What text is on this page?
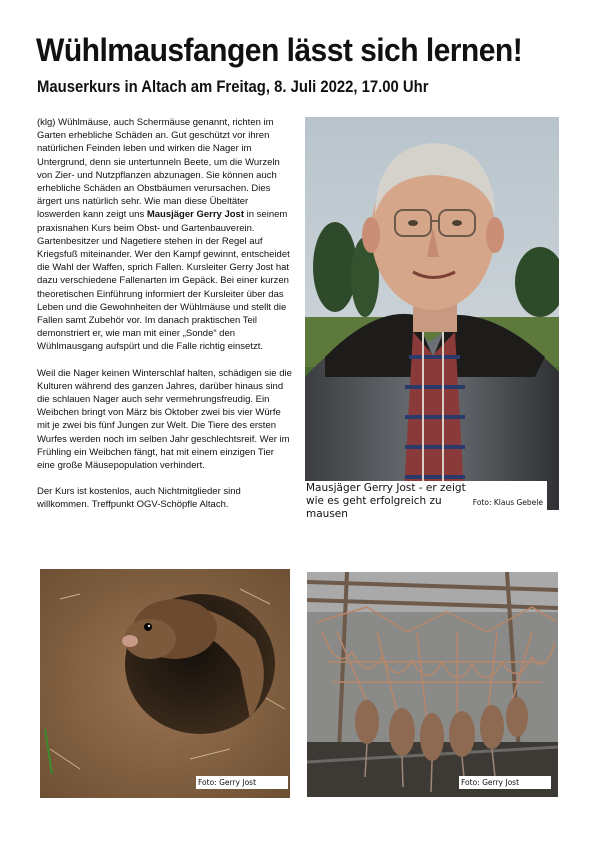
Wühlmausfangen lässt sich lernen!
Mauserkurs in Altach am Freitag, 8. Juli 2022, 17.00 Uhr

(klg) Wühlmäuse, auch Schermäuse genannt, richten im Garten erhebliche Schäden an. Gut geschützt vor ihren natürlichen Feinden leben und wirken die Nager im Untergrund, denn sie untertunneln Beete, um die Wurzeln von Zier- und Nutzpflanzen abzunagen. Sie können auch erhebliche Schäden an Obstbäumen verursachen. Dies ärgert uns natürlich sehr. Wie man diese Übeltäter loswerden kann zeigt uns Mausjäger Gerry Jost in seinem praxisnahen Kurs beim Obst- und Gartenbauverein. Gartenbesitzer und Nagetiere stehen in der Regel auf Kriegsfuß miteinander. Wer den Kampf gewinnt, entscheidet die Wahl der Waffen, sprich Fallen. Kursleiter Gerry Jost hat dazu verschiedene Fallenarten im Gepäck. Bei einer kurzen theoretischen Einführung informiert der Kursleiter über das Leben und die Gewohnheiten der Wühlmäuse und stellt die Fallen samt Zubehör vor. Im danach praktischen Teil demonstriert er, wie man mit einer „Sonde“ den Wühlmausgang aufspürt und die Falle richtig einsetzt.

Weil die Nager keinen Winterschlaf halten, schädigen sie die Kulturen während des ganzen Jahres, darüber hinaus sind die schlauen Nager auch sehr vermehrungsfreudig. Ein Weibchen bringt von März bis Oktober zwei bis vier Würfe mit je zwei bis fünf Jungen zur Welt. Die Tiere des ersten Wurfes werden noch im selben Jahr geschlechtsreif. Wer im Frühling ein Weibchen fängt, hat mit einem einzigen Tier eine große Mäusepopulation verhindert.

Der Kurs ist kostenlos, auch Nichtmitglieder sind willkommen. Treffpunkt OGV-Schöpfle Altach.

Mausjäger Gerry Jost - er zeigt wie es geht erfolgreich zu mausen
Foto: Klaus Gebele
Foto: Gerry Jost	Foto: Gerry Jost
